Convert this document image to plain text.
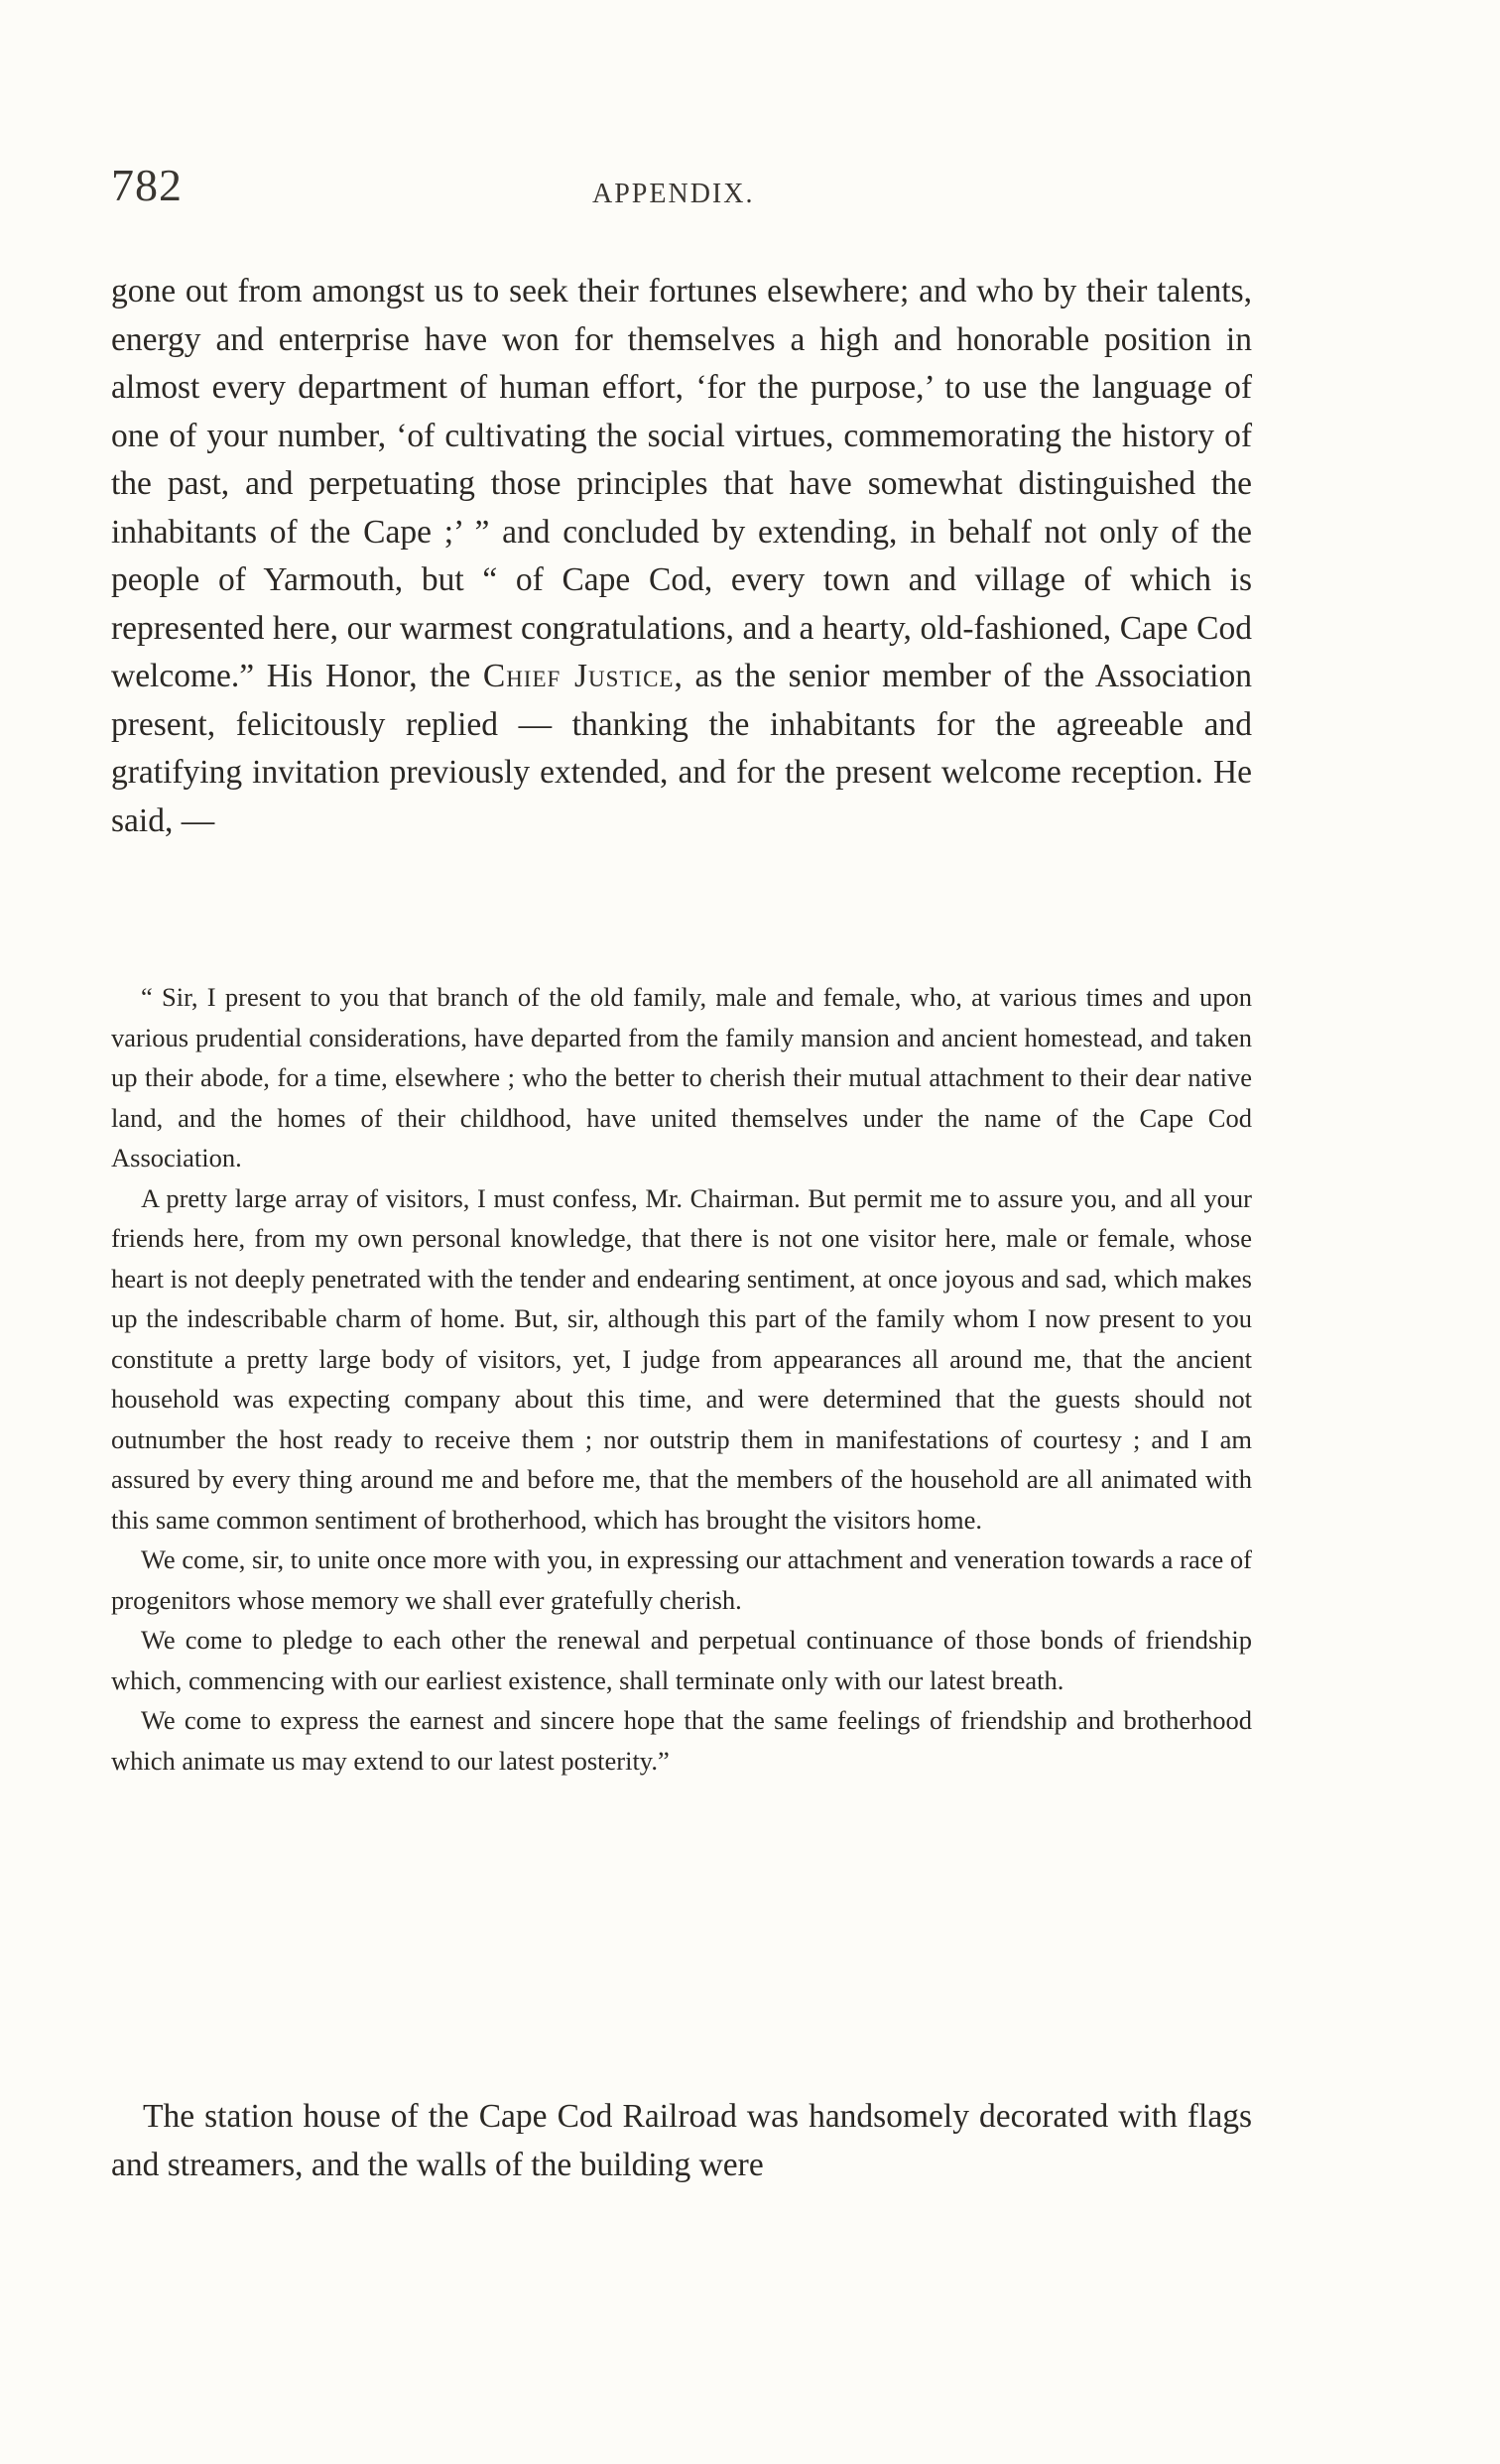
782	APPENDIX.

gone out from amongst us to seek their fortunes elsewhere; and who by their talents, energy and enterprise have won for themselves a high and honorable position in almost every department of human effort, ‘for the purpose,’ to use the language of one of your number, ‘of cultivating the social virtues, commemorating the history of the past, and perpetuating those principles that have somewhat distinguished the inhabitants of the Cape ;’ ” and concluded by extending, in behalf not only of the people of Yarmouth, but “ of Cape Cod, every town and village of which is represented here, our warmest congratulations, and a hearty, old-fashioned, Cape Cod welcome.” His Honor, the Chief Justice, as the senior member of the Association present, felicitously replied — thanking the inhabitants for the agreeable and gratifying invitation previously extended, and for the present welcome reception. He said, —

“ Sir, I present to you that branch of the old family, male and female, who, at various times and upon various prudential considerations, have departed from the family mansion and ancient homestead, and taken up their abode, for a time, elsewhere ; who the better to cherish their mutual attachment to their dear native land, and the homes of their childhood, have united themselves under the name of the Cape Cod Association.

A pretty large array of visitors, I must confess, Mr. Chairman. But permit me to assure you, and all your friends here, from my own personal knowledge, that there is not one visitor here, male or female, whose heart is not deeply penetrated with the tender and endearing sentiment, at once joyous and sad, which makes up the indescribable charm of home. But, sir, although this part of the family whom I now present to you constitute a pretty large body of visitors, yet, I judge from appearances all around me, that the ancient household was expecting company about this time, and were determined that the guests should not outnumber the host ready to receive them ; nor outstrip them in manifestations of courtesy ; and I am assured by every thing around me and before me, that the members of the household are all animated with this same common sentiment of brotherhood, which has brought the visitors home.

We come, sir, to unite once more with you, in expressing our attachment and veneration towards a race of progenitors whose memory we shall ever gratefully cherish.

We come to pledge to each other the renewal and perpetual continuance of those bonds of friendship which, commencing with our earliest existence, shall terminate only with our latest breath.

We come to express the earnest and sincere hope that the same feelings of friendship and brotherhood which animate us may extend to our latest posterity.”

The station house of the Cape Cod Railroad was handsomely decorated with flags and streamers, and the walls of the building were
